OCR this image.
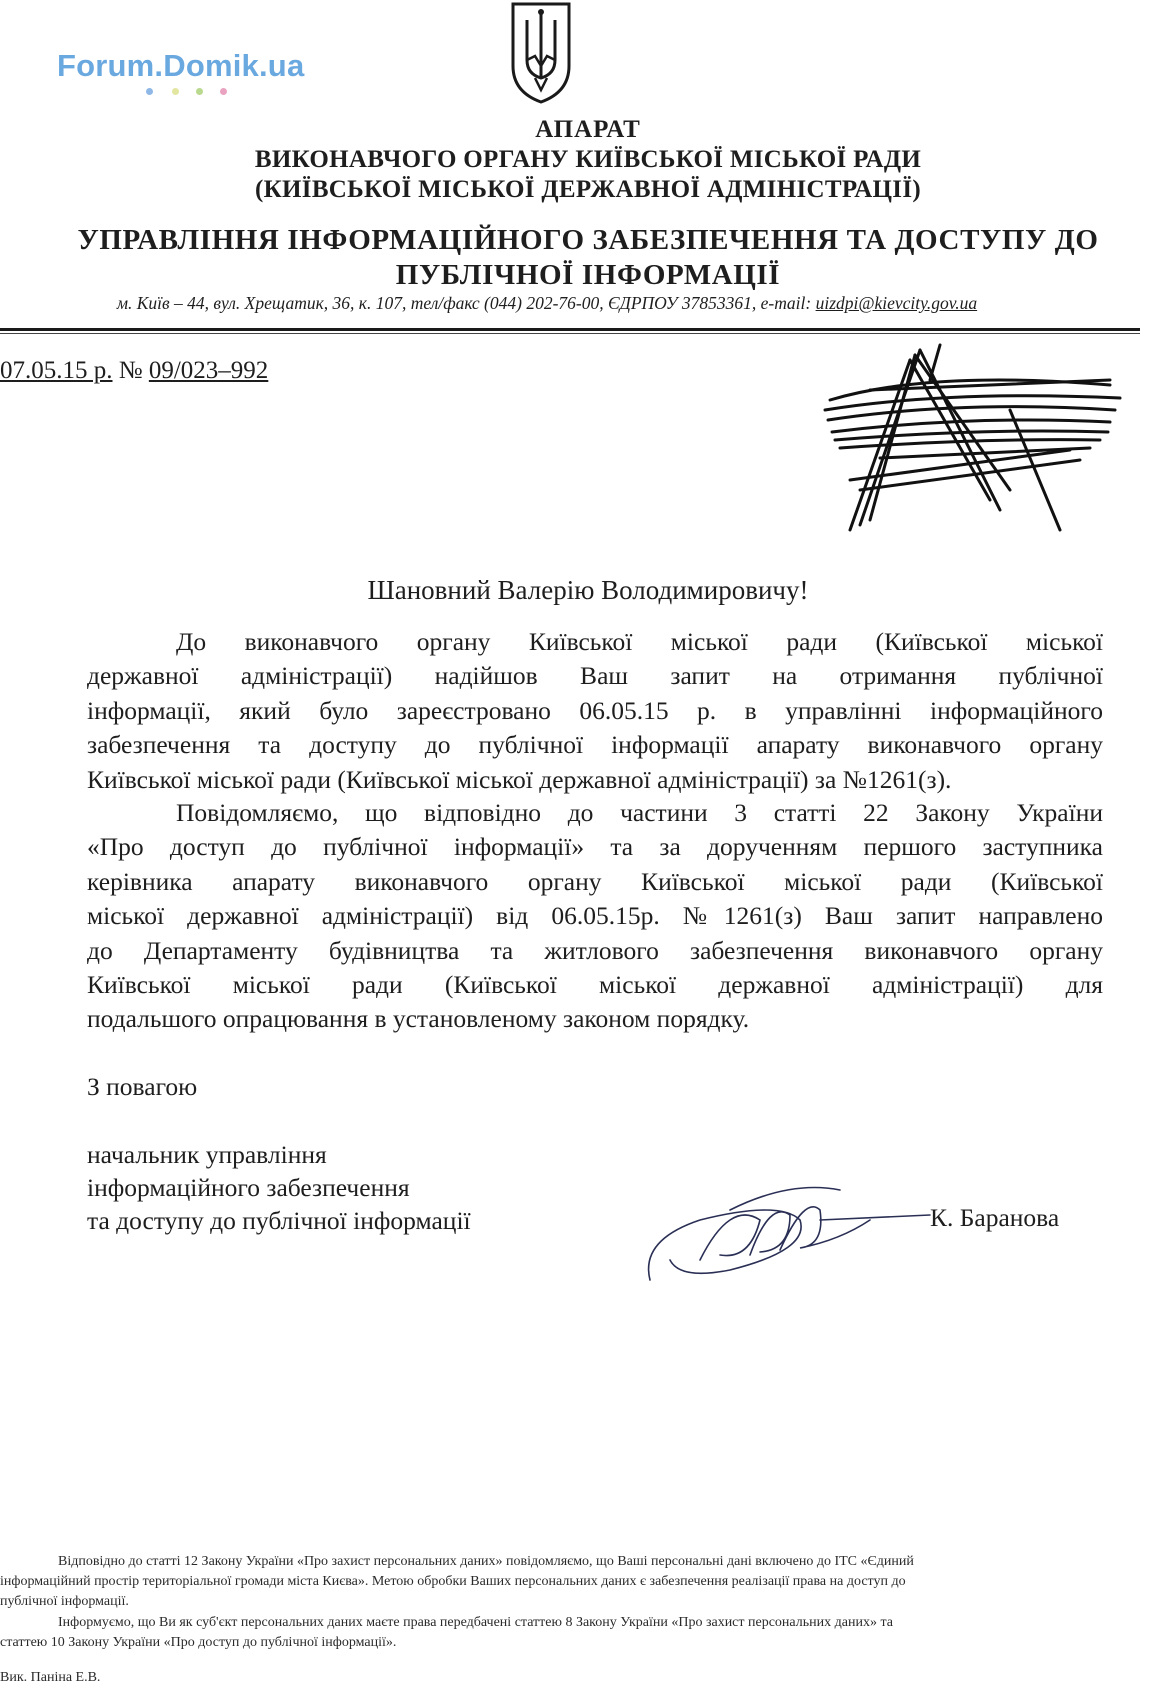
Forum.Domik.ua
АПАРАТ
ВИКОНАВЧОГО ОРГАНУ КИЇВСЬКОЇ МІСЬКОЇ РАДИ
(КИЇВСЬКОЇ МІСЬКОЇ ДЕРЖАВНОЇ АДМІНІСТРАЦІЇ)
УПРАВЛІННЯ ІНФОРМАЦІЙНОГО ЗАБЕЗПЕЧЕННЯ ТА ДОСТУПУ ДО
ПУБЛІЧНОЇ ІНФОРМАЦІЇ
м. Київ – 44, вул. Хрещатик, 36, к. 107, тел/факс (044) 202-76-00, ЄДРПОУ 37853361, e-mail: uizdpi@kievcity.gov.ua
07.05.15 р. № 09/023–992
Шановний Валерію Володимировичу!
До виконавчого органу Київської міської ради (Київської міської
державної адміністрації) надійшов Ваш запит на отримання публічної
інформації, який було зареєстровано 06.05.15 р. в управлінні інформаційного
забезпечення та доступу до публічної інформації апарату виконавчого органу
Київської міської ради (Київської міської державної адміністрації) за №1261(з).
Повідомляємо, що відповідно до частини 3 статті 22 Закону України
«Про доступ до публічної інформації» та за дорученням першого заступника
керівника апарату виконавчого органу Київської міської ради (Київської
міської державної адміністрації) від 06.05.15р. №1261(з) Ваш запит направлено
до Департаменту будівництва та житлового забезпечення виконавчого органу
Київської міської ради (Київської міської державної адміністрації) для
подальшого опрацювання в установленому законом порядку.
З повагою
начальник управління
інформаційного забезпечення
та доступу до публічної інформації	К. Баранова
Відповідно до статті 12 Закону України «Про захист персональних даних» повідомляємо, що Ваші персональні дані включено до ІТС «Єдиний
інформаційний простір територіальної громади міста Києва». Метою обробки Ваших персональних даних є забезпечення реалізації права на доступ до
публічної інформації.
Інформуємо, що Ви як суб'єкт персональних даних маєте права передбачені статтею 8 Закону України «Про захист персональних даних» та
статтею 10 Закону України «Про доступ до публічної інформації».
Вик. Паніна Е.В.
